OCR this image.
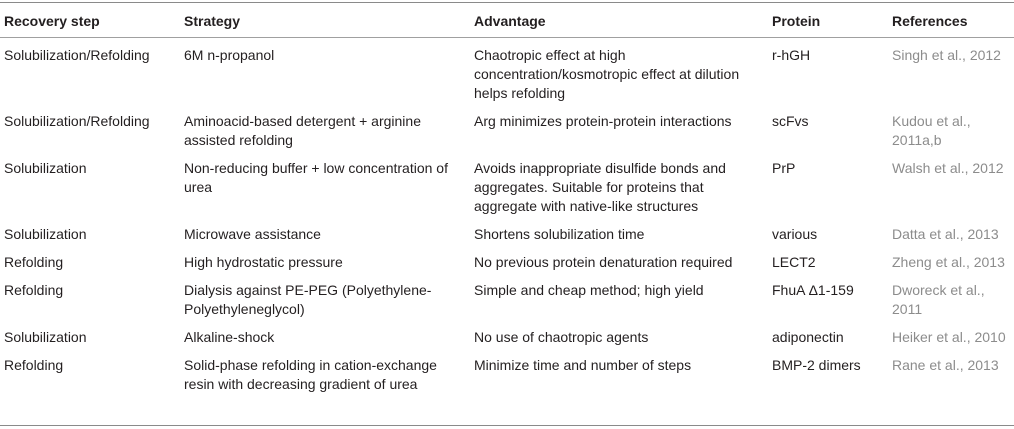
Recovery step	Strategy	Advantage	Protein	References
Solubilization/Refolding	6M n-propanol	Chaotropic effect at high concentration/kosmotropic effect at dilution helps refolding	r-hGH	Singh et al., 2012
Solubilization/Refolding	Aminoacid-based detergent + arginine assisted refolding	Arg minimizes protein-protein interactions	scFvs	Kudou et al., 2011a,b
Solubilization	Non-reducing buffer + low concentration of urea	Avoids inappropriate disulfide bonds and aggregates. Suitable for proteins that aggregate with native-like structures	PrP	Walsh et al., 2012
Solubilization	Microwave assistance	Shortens solubilization time	various	Datta et al., 2013
Refolding	High hydrostatic pressure	No previous protein denaturation required	LECT2	Zheng et al., 2013
Refolding	Dialysis against PE-PEG (Polyethylene-Polyethyleneglycol)	Simple and cheap method; high yield	FhuA Δ1-159	Dworeck et al., 2011
Solubilization	Alkaline-shock	No use of chaotropic agents	adiponectin	Heiker et al., 2010
Refolding	Solid-phase refolding in cation-exchange resin with decreasing gradient of urea	Minimize time and number of steps	BMP-2 dimers	Rane et al., 2013
